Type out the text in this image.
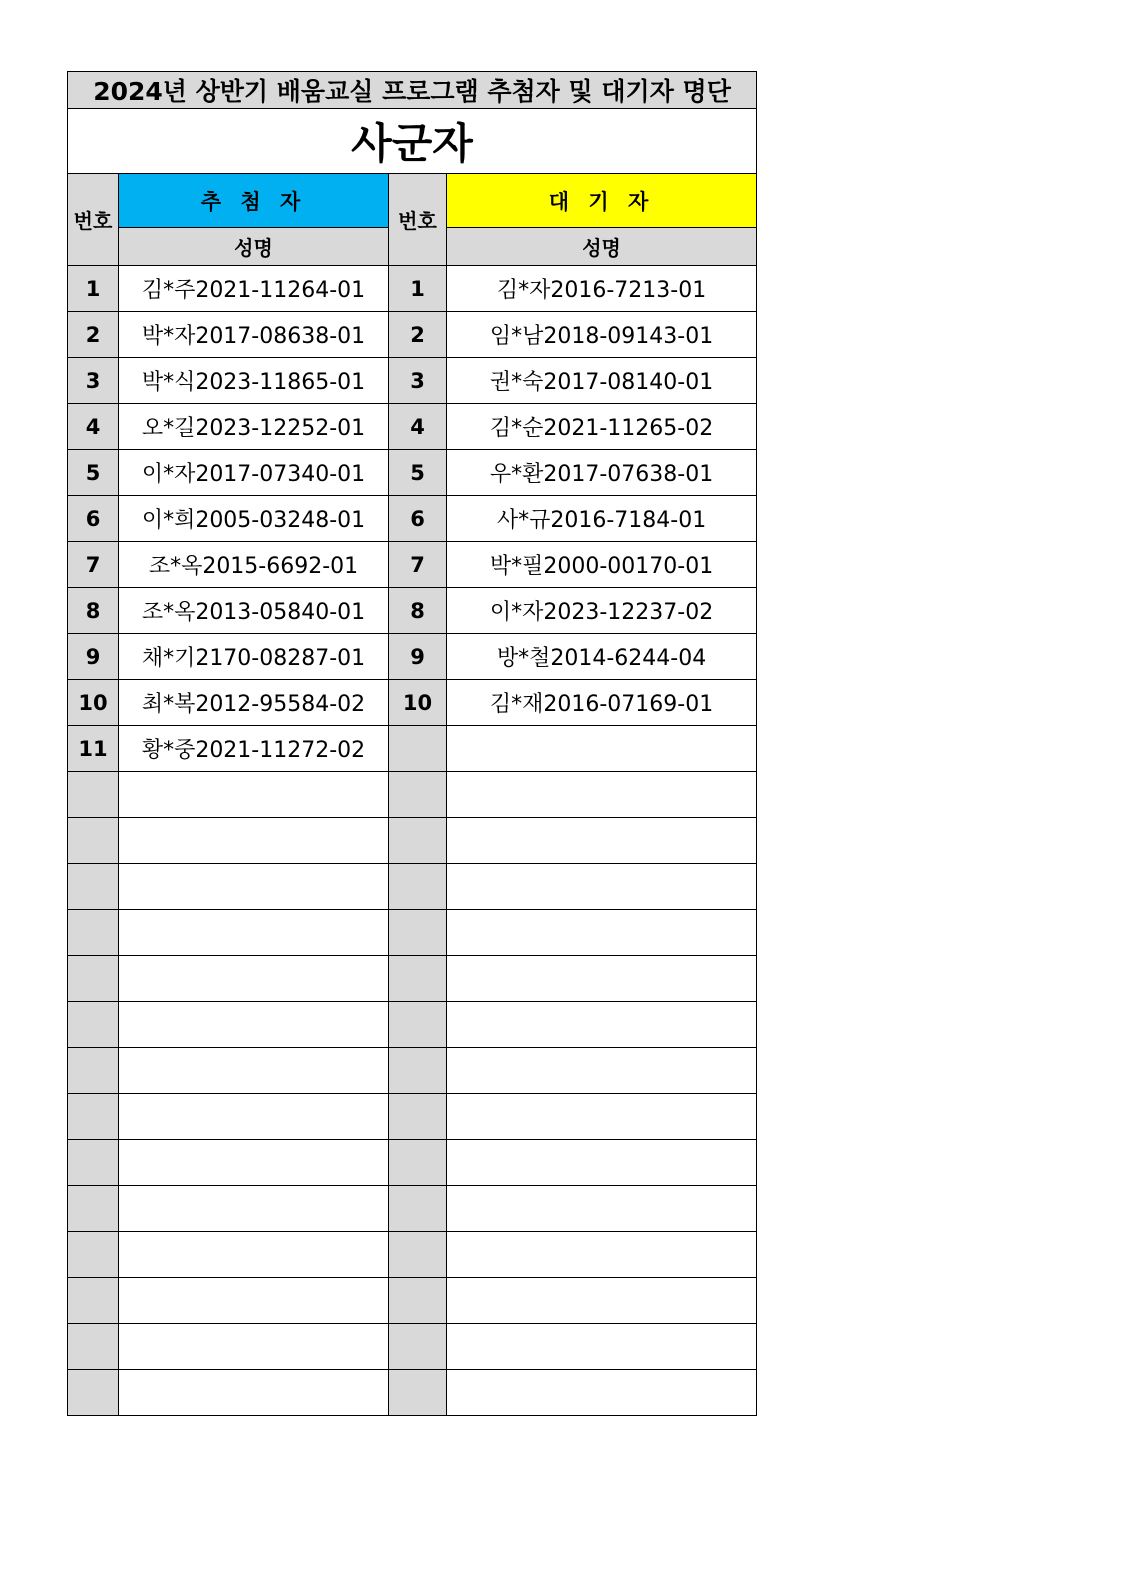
2024년 상반기 배움교실 프로그램 추첨자 및 대기자 명단			
사군자			
번호	추 첨 자	번호	대 기 자
	성명		성명
1	김*주2021-11264-01	1	김*자2016-7213-01
2	박*자2017-08638-01	2	임*남2018-09143-01
3	박*식2023-11865-01	3	권*숙2017-08140-01
4	오*길2023-12252-01	4	김*순2021-11265-02
5	이*자2017-07340-01	5	우*환2017-07638-01
6	이*희2005-03248-01	6	사*규2016-7184-01
7	조*옥2015-6692-01	7	박*필2000-00170-01
8	조*옥2013-05840-01	8	이*자2023-12237-02
9	채*기2170-08287-01	9	방*철2014-6244-04
10	최*복2012-95584-02	10	김*재2016-07169-01
11	황*중2021-11272-02		
